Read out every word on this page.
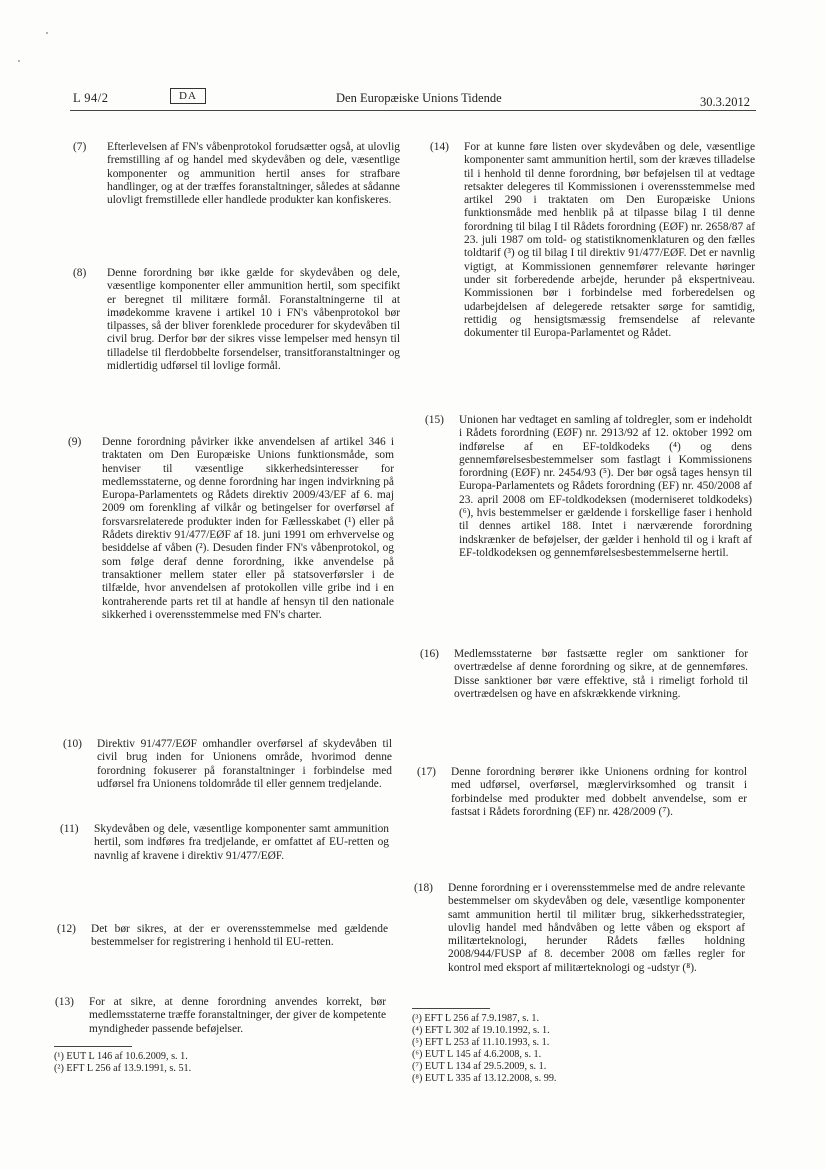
L 94/2	DA	Den Europæiske Unions Tidende	30.3.2012
(7) Efterlevelsen af FN's våbenprotokol forudsætter også, at ulovlig fremstilling af og handel med skydevåben og dele, væsentlige komponenter og ammunition hertil anses for strafbare handlinger, og at der træffes foranstaltninger, således at sådanne ulovligt fremstillede eller handlede produkter kan konfiskeres.
(8) Denne forordning bør ikke gælde for skydevåben og dele, væsentlige komponenter eller ammunition hertil, som specifikt er beregnet til militære formål. Foranstaltningerne til at imødekomme kravene i artikel 10 i FN's våbenprotokol bør tilpasses, så der bliver forenklede procedurer for skydevåben til civil brug. Derfor bør der sikres visse lempelser med hensyn til tilladelse til flerdobbelte forsendelser, transitforanstaltninger og midlertidig udførsel til lovlige formål.
(9) Denne forordning påvirker ikke anvendelsen af artikel 346 i traktaten om Den Europæiske Unions funktionsmåde, som henviser til væsentlige sikkerhedsinteresser for medlemsstaterne, og denne forordning har ingen indvirkning på Europa-Parlamentets og Rådets direktiv 2009/43/EF af 6. maj 2009 om forenkling af vilkår og betingelser for overførsel af forsvarsrelaterede produkter inden for Fællesskabet (¹) eller på Rådets direktiv 91/477/EØF af 18. juni 1991 om erhvervelse og besiddelse af våben (²). Desuden finder FN's våbenprotokol, og som følge deraf denne forordning, ikke anvendelse på transaktioner mellem stater eller på statsoverførsler i de tilfælde, hvor anvendelsen af protokollen ville gribe ind i en kontraherende parts ret til at handle af hensyn til den nationale sikkerhed i overensstemmelse med FN's charter.
(10) Direktiv 91/477/EØF omhandler overførsel af skydevåben til civil brug inden for Unionens område, hvorimod denne forordning fokuserer på foranstaltninger i forbindelse med udførsel fra Unionens toldområde til eller gennem tredjelande.
(11) Skydevåben og dele, væsentlige komponenter samt ammunition hertil, som indføres fra tredjelande, er omfattet af EU-retten og navnlig af kravene i direktiv 91/477/EØF.
(12) Det bør sikres, at der er overensstemmelse med gældende bestemmelser for registrering i henhold til EU-retten.
(13) For at sikre, at denne forordning anvendes korrekt, bør medlemsstaterne træffe foranstaltninger, der giver de kompetente myndigheder passende beføjelser.
(¹) EUT L 146 af 10.6.2009, s. 1.
(²) EFT L 256 af 13.9.1991, s. 51.
(14) For at kunne føre listen over skydevåben og dele, væsentlige komponenter samt ammunition hertil, som der kræves tilladelse til i henhold til denne forordning, bør beføjelsen til at vedtage retsakter delegeres til Kommissionen i overensstemmelse med artikel 290 i traktaten om Den Europæiske Unions funktionsmåde med henblik på at tilpasse bilag I til denne forordning til bilag I til Rådets forordning (EØF) nr. 2658/87 af 23. juli 1987 om told- og statistiknomenklaturen og den fælles toldtarif (³) og til bilag I til direktiv 91/477/EØF. Det er navnlig vigtigt, at Kommissionen gennemfører relevante høringer under sit forberedende arbejde, herunder på ekspertniveau. Kommissionen bør i forbindelse med forberedelsen og udarbejdelsen af delegerede retsakter sørge for samtidig, rettidig og hensigtsmæssig fremsendelse af relevante dokumenter til Europa-Parlamentet og Rådet.
(15) Unionen har vedtaget en samling af toldregler, som er indeholdt i Rådets forordning (EØF) nr. 2913/92 af 12. oktober 1992 om indførelse af en EF-toldkodeks (⁴) og dens gennemførelsesbestemmelser som fastlagt i Kommissionens forordning (EØF) nr. 2454/93 (⁵). Der bør også tages hensyn til Europa-Parlamentets og Rådets forordning (EF) nr. 450/2008 af 23. april 2008 om EF-toldkodeksen (moderniseret toldkodeks) (⁶), hvis bestemmelser er gældende i forskellige faser i henhold til dennes artikel 188. Intet i nærværende forordning indskrænker de beføjelser, der gælder i henhold til og i kraft af EF-toldkodeksen og gennemførelsesbestemmelserne hertil.
(16) Medlemsstaterne bør fastsætte regler om sanktioner for overtrædelse af denne forordning og sikre, at de gennemføres. Disse sanktioner bør være effektive, stå i rimeligt forhold til overtrædelsen og have en afskrækkende virkning.
(17) Denne forordning berører ikke Unionens ordning for kontrol med udførsel, overførsel, mæglervirksomhed og transit i forbindelse med produkter med dobbelt anvendelse, som er fastsat i Rådets forordning (EF) nr. 428/2009 (⁷).
(18) Denne forordning er i overensstemmelse med de andre relevante bestemmelser om skydevåben og dele, væsentlige komponenter samt ammunition hertil til militær brug, sikkerhedsstrategier, ulovlig handel med håndvåben og lette våben og eksport af militærteknologi, herunder Rådets fælles holdning 2008/944/FUSP af 8. december 2008 om fælles regler for kontrol med eksport af militærteknologi og -udstyr (⁸).
(³) EFT L 256 af 7.9.1987, s. 1.
(⁴) EFT L 302 af 19.10.1992, s. 1.
(⁵) EFT L 253 af 11.10.1993, s. 1.
(⁶) EUT L 145 af 4.6.2008, s. 1.
(⁷) EUT L 134 af 29.5.2009, s. 1.
(⁸) EUT L 335 af 13.12.2008, s. 99.
